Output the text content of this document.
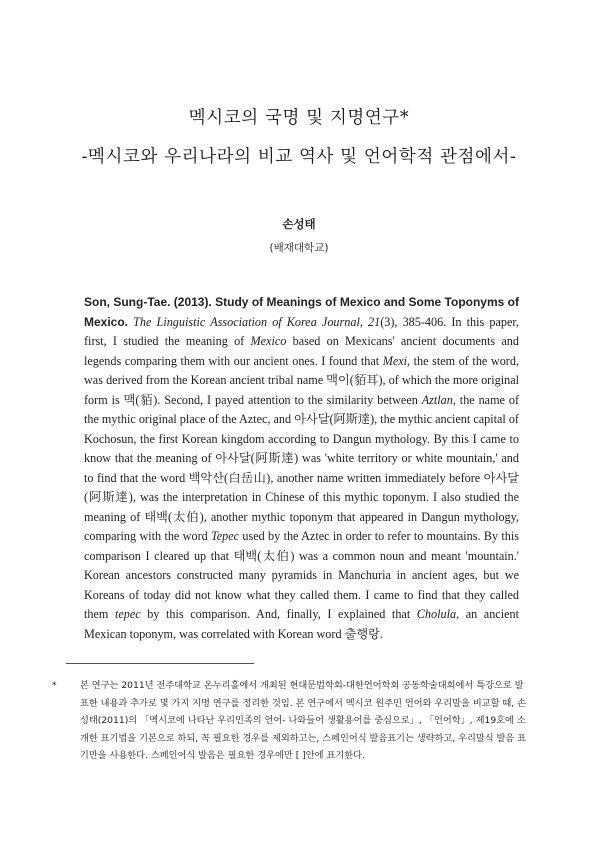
멕시코의 국명 및 지명연구*
-멕시코와 우리나라의 비교 역사 및 언어학적 관점에서-
손성태
(배재대학교)
Son, Sung-Tae. (2013). Study of Meanings of Mexico and Some Toponyms of Mexico. The Linguistic Association of Korea Journal, 21(3), 385-406. In this paper, first, I studied the meaning of Mexico based on Mexicans' ancient documents and legends comparing them with our ancient ones. I found that Mexi, the stem of the word, was derived from the Korean ancient tribal name 맥이(貊耳), of which the more original form is 맥(貊). Second, I payed attention to the similarity between Aztlan, the name of the mythic original place of the Aztec, and 아사달(阿斯達), the mythic ancient capital of Kochosun, the first Korean kingdom according to Dangun mythology. By this I came to know that the meaning of 아사달(阿斯達) was 'white territory or white mountain,' and to find that the word 백악산(白岳山), another name written immediately before 아사달(阿斯達), was the interpretation in Chinese of this mythic toponym. I also studied the meaning of 태백(太伯), another mythic toponym that appeared in Dangun mythology, comparing with the word Tepec used by the Aztec in order to refer to mountains. By this comparison I cleared up that 태백(太伯) was a common noun and meant 'mountain.' Korean ancestors constructed many pyramids in Manchuria in ancient ages, but we Koreans of today did not know what they called them. I came to find that they called them tepec by this comparison. And, finally, I explained that Cholula, an ancient Mexican toponym, was correlated with Korean word 출행랑.
*	본 연구는 2011년 전주대학교 온누리홀에서 개최된 현대문법학회-대한언어학회 공동학술대회에서 특강으로 발표한 내용과 추가로 몇 가지 지명 연구를 정리한 것임. 본 연구에서 멕시코 원주민 언어와 우리말을 비교할 때, 손성태(2011)의 「멕시코에 나타난 우리민족의 언어- 나와들어 생활용어를 중심으로」, 「언어학」, 제19호에 소개한 표기법을 기본으로 하되, 꼭 필요한 경우를 제외하고는, 스페인어식 발음표기는 생략하고, 우리말식 발음 표기만을 사용한다. 스페인어식 발음은 필요한 경우에만 [ ]안에 표기한다.
